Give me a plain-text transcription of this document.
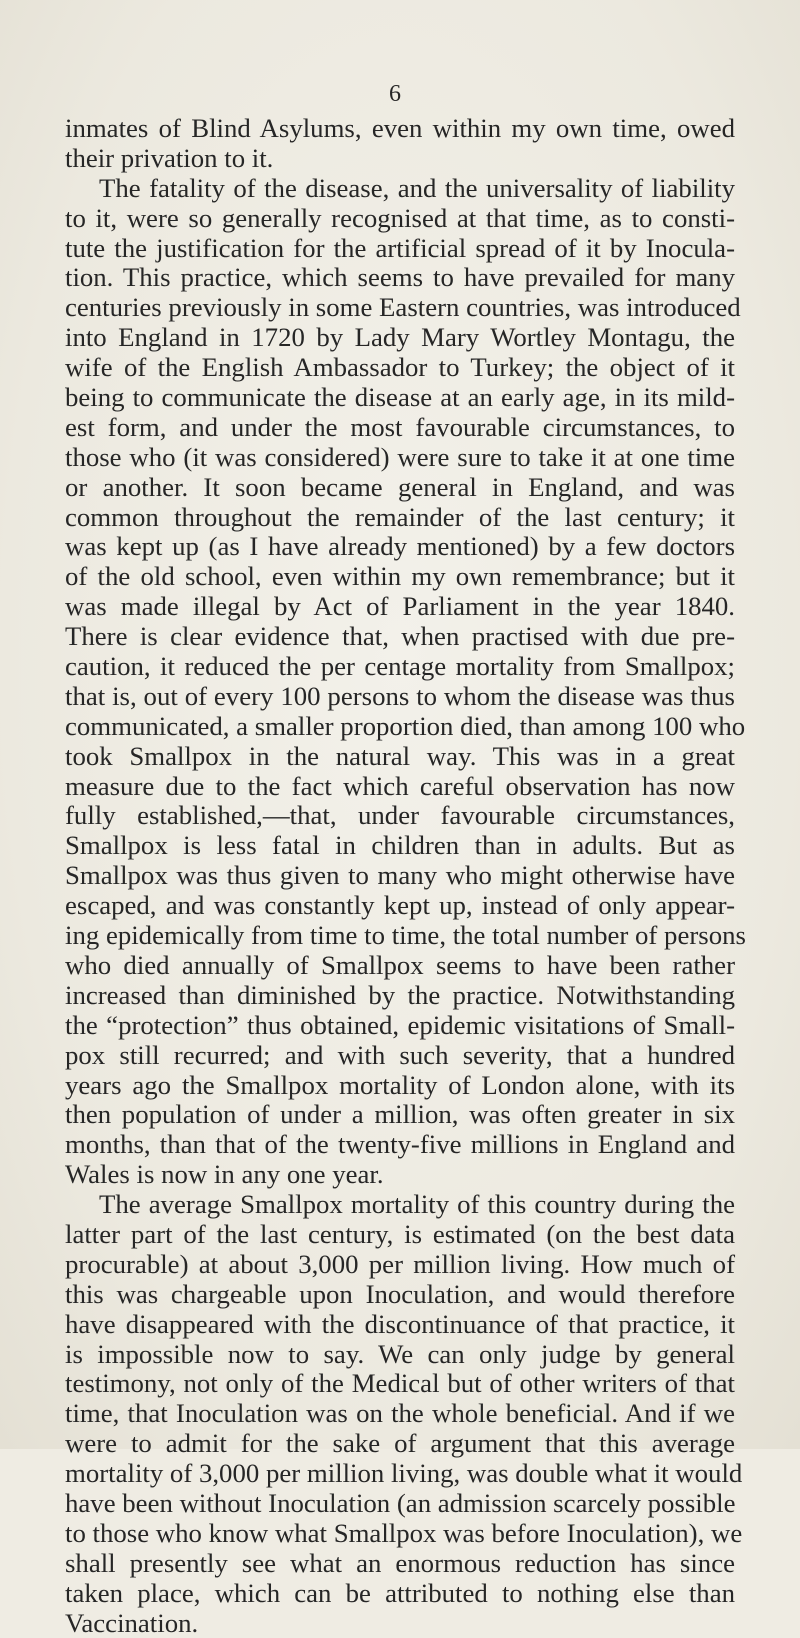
6
inmates of Blind Asylums, even within my own time, owed
their privation to it.
The fatality of the disease, and the universality of liability
to it, were so generally recognised at that time, as to consti-
tute the justification for the artificial spread of it by Inocula-
tion. This practice, which seems to have prevailed for many
centuries previously in some Eastern countries, was introduced
into England in 1720 by Lady Mary Wortley Montagu, the
wife of the English Ambassador to Turkey; the object of it
being to communicate the disease at an early age, in its mild-
est form, and under the most favourable circumstances, to
those who (it was considered) were sure to take it at one time
or another. It soon became general in England, and was
common throughout the remainder of the last century; it
was kept up (as I have already mentioned) by a few doctors
of the old school, even within my own remembrance; but it
was made illegal by Act of Parliament in the year 1840.
There is clear evidence that, when practised with due pre-
caution, it reduced the per centage mortality from Smallpox;
that is, out of every 100 persons to whom the disease was thus
communicated, a smaller proportion died, than among 100 who
took Smallpox in the natural way. This was in a great
measure due to the fact which careful observation has now
fully established,—that, under favourable circumstances,
Smallpox is less fatal in children than in adults. But as
Smallpox was thus given to many who might otherwise have
escaped, and was constantly kept up, instead of only appear-
ing epidemically from time to time, the total number of persons
who died annually of Smallpox seems to have been rather
increased than diminished by the practice. Notwithstanding
the “protection” thus obtained, epidemic visitations of Small-
pox still recurred; and with such severity, that a hundred
years ago the Smallpox mortality of London alone, with its
then population of under a million, was often greater in six
months, than that of the twenty-five millions in England and
Wales is now in any one year.
The average Smallpox mortality of this country during the
latter part of the last century, is estimated (on the best data
procurable) at about 3,000 per million living. How much of
this was chargeable upon Inoculation, and would therefore
have disappeared with the discontinuance of that practice, it
is impossible now to say. We can only judge by general
testimony, not only of the Medical but of other writers of that
time, that Inoculation was on the whole beneficial. And if we
were to admit for the sake of argument that this average
mortality of 3,000 per million living, was double what it would
have been without Inoculation (an admission scarcely possible
to those who know what Smallpox was before Inoculation), we
shall presently see what an enormous reduction has since
taken place, which can be attributed to nothing else than
Vaccination.
